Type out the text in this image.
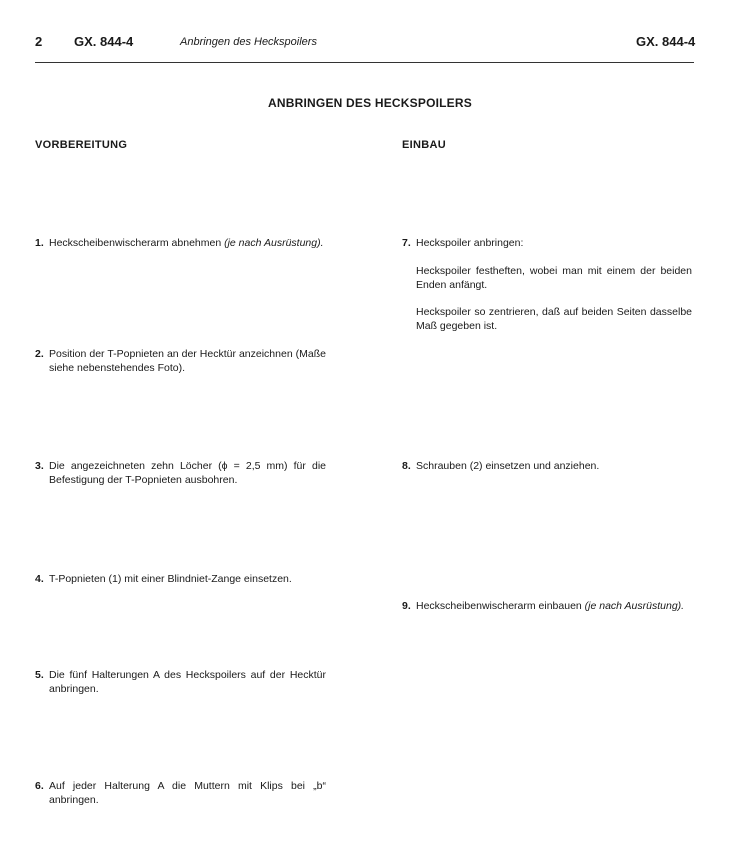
2 GX. 844-4	Anbringen des Heckspoilers	GX. 844-4
ANBRINGEN DES HECKSPOILERS
VORBEREITUNG	EINBAU
1. Heckscheibenwischerarm abnehmen (je nach Ausrüstung).
2. Position der T-Popnieten an der Hecktür anzeichnen (Maße siehe nebenstehendes Foto).
3. Die angezeichneten zehn Löcher (ϕ = 2,5 mm) für die Befestigung der T-Popnieten ausbohren.
4. T-Popnieten (1) mit einer Blindniet-Zange einsetzen.
5. Die fünf Halterungen A des Heckspoilers auf der Hecktür anbringen.
6. Auf jeder Halterung A die Muttern mit Klips bei „b“ anbringen.
7. Heckspoiler anbringen:
Heckspoiler festheften, wobei man mit einem der beiden Enden anfängt.
Heckspoiler so zentrieren, daß auf beiden Seiten dasselbe Maß gegeben ist.
8. Schrauben (2) einsetzen und anziehen.
9. Heckscheibenwischerarm einbauen (je nach Ausrüstung).
